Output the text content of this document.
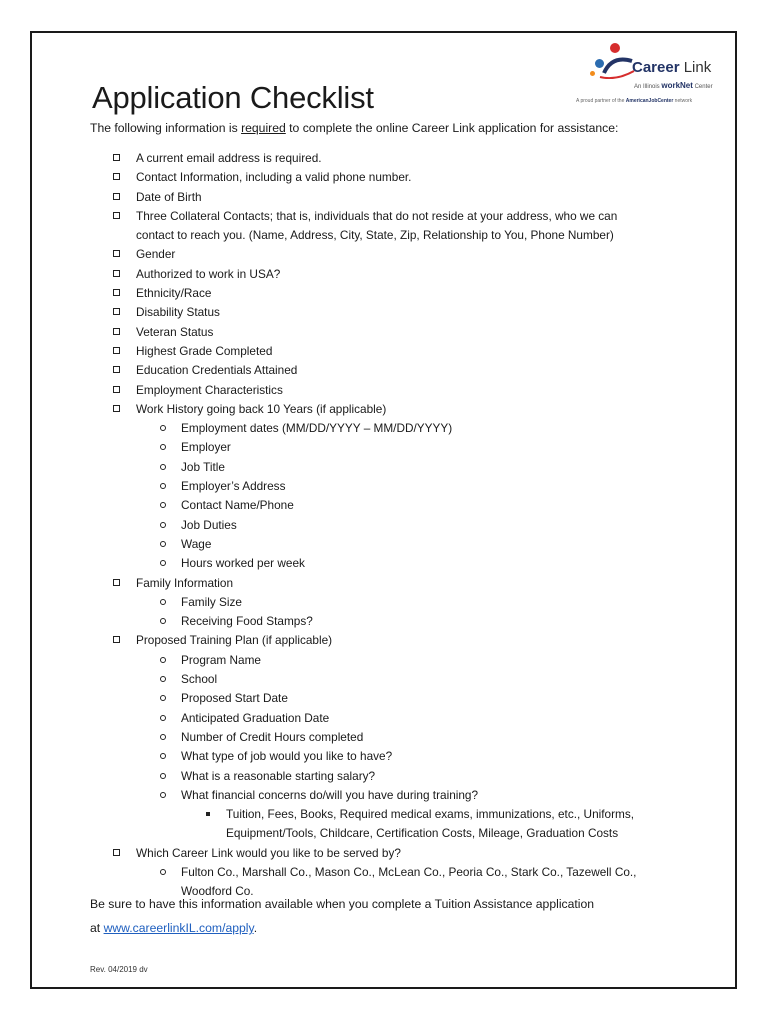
Career Link
An Illinois workNet Center
A proud partner of the AmericanJobCenter network
Application Checklist

The following information is required to complete the online Career Link application for assistance:

A current email address is required.
Contact Information, including a valid phone number.
Date of Birth
Three Collateral Contacts; that is, individuals that do not reside at your address, who we can
contact to reach you. (Name, Address, City, State, Zip, Relationship to You, Phone Number)
Gender
Authorized to work in USA?
Ethnicity/Race
Disability Status
Veteran Status
Highest Grade Completed
Education Credentials Attained
Employment Characteristics
Work History going back 10 Years (if applicable)
Employment dates (MM/DD/YYYY – MM/DD/YYYY)
Employer
Job Title
Employer’s Address
Contact Name/Phone
Job Duties
Wage
Hours worked per week
Family Information
Family Size
Receiving Food Stamps?
Proposed Training Plan (if applicable)
Program Name
School
Proposed Start Date
Anticipated Graduation Date
Number of Credit Hours completed
What type of job would you like to have?
What is a reasonable starting salary?
What financial concerns do/will you have during training?
Tuition, Fees, Books, Required medical exams, immunizations, etc., Uniforms,
Equipment/Tools, Childcare, Certification Costs, Mileage, Graduation Costs
Which Career Link would you like to be served by?
Fulton Co., Marshall Co., Mason Co., McLean Co., Peoria Co., Stark Co., Tazewell Co.,
Woodford Co.

Be sure to have this information available when you complete a Tuition Assistance application

at www.careerlinkIL.com/apply.

Rev. 04/2019 dv
